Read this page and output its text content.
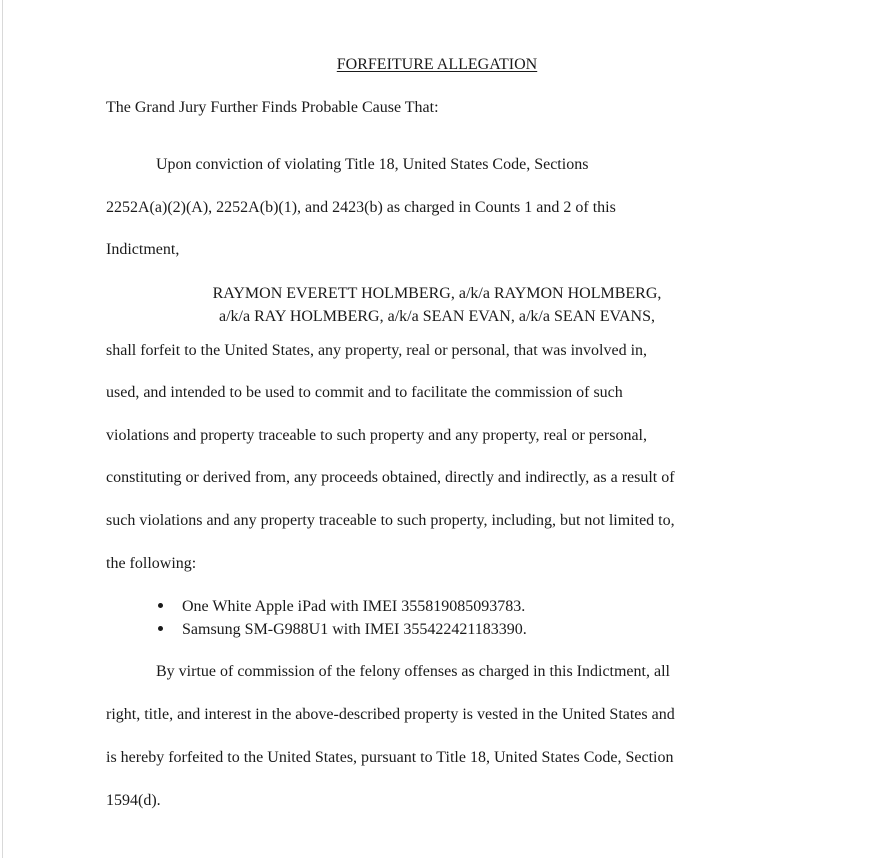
FORFEITURE ALLEGATION
The Grand Jury Further Finds Probable Cause That:
Upon conviction of violating Title 18, United States Code, Sections
2252A(a)(2)(A), 2252A(b)(1), and 2423(b) as charged in Counts 1 and 2 of this
Indictment,
RAYMON EVERETT HOLMBERG, a/k/a RAYMON HOLMBERG,
a/k/a RAY HOLMBERG, a/k/a SEAN EVAN, a/k/a SEAN EVANS,
shall forfeit to the United States, any property, real or personal, that was involved in,
used, and intended to be used to commit and to facilitate the commission of such
violations and property traceable to such property and any property, real or personal,
constituting or derived from, any proceeds obtained, directly and indirectly, as a result of
such violations and any property traceable to such property, including, but not limited to,
the following:
One White Apple iPad with IMEI 355819085093783.
Samsung SM-G988U1 with IMEI 355422421183390.
By virtue of commission of the felony offenses as charged in this Indictment, all
right, title, and interest in the above-described property is vested in the United States and
is hereby forfeited to the United States, pursuant to Title 18, United States Code, Section
1594(d).
